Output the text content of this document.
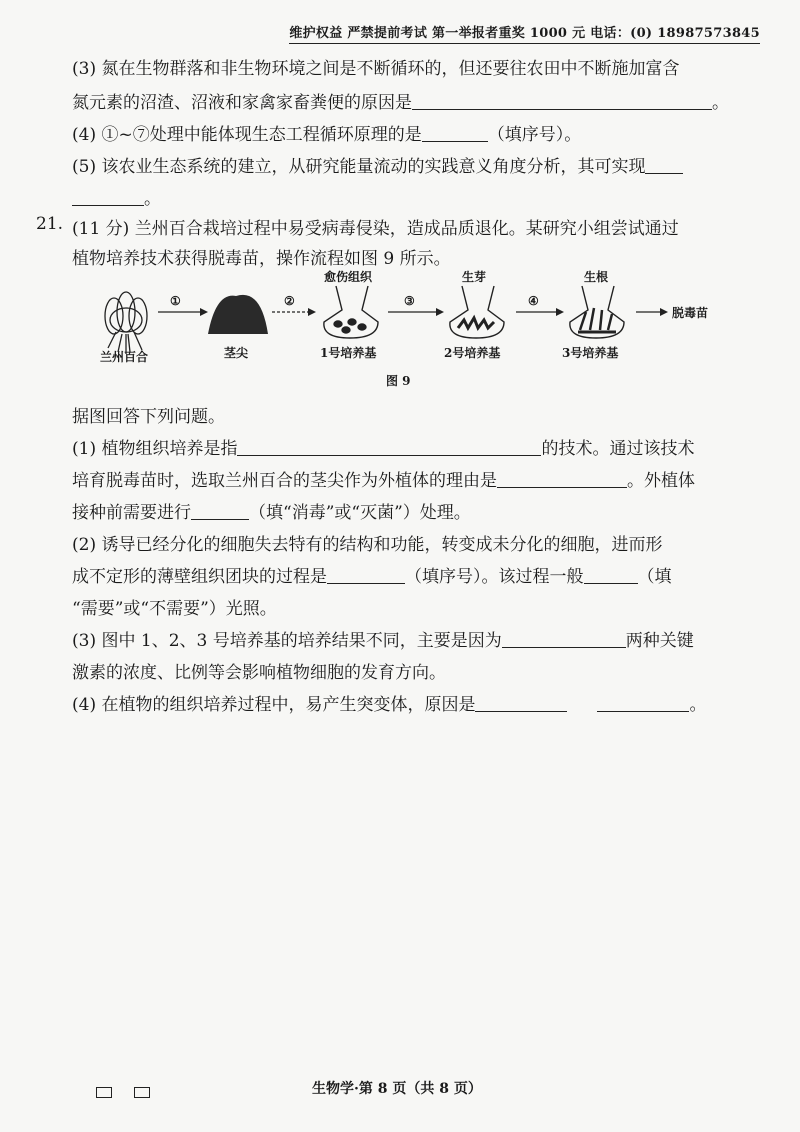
维护权益 严禁提前考试 第一举报者重奖 1000 元 电话：(0) 18987573845
(3) 氮在生物群落和非生物环境之间是不断循环的，但还要往农田中不断施加富含
氮元素的沼渣、沼液和家禽家畜粪便的原因是	。
(4) ①~⑦处理中能体现生态工程循环原理的是	（填序号）。
(5) 该农业生态系统的建立，从研究能量流动的实践意义角度分析，其可实现
。
21. (11 分) 兰州百合栽培过程中易受病毒侵染，造成品质退化。某研究小组尝试通过
植物培养技术获得脱毒苗，操作流程如图 9 所示。
①	②	③	④
兰州百合	茎尖
愈伤组织	生芽	生根
1号培养基	2号培养基	3号培养基
脱毒苗
图 9
据图回答下列问题。
(1) 植物组织培养是指	的技术。通过该技术
培育脱毒苗时，选取兰州百合的茎尖作为外植体的理由是	。外植体
接种前需要进行	（填“消毒”或“灭菌”）处理。
(2) 诱导已经分化的细胞失去特有的结构和功能，转变成未分化的细胞，进而形
成不定形的薄壁组织团块的过程是	（填序号）。该过程一般	（填
“需要”或“不需要”）光照。
(3) 图中 1、2、3 号培养基的培养结果不同，主要是因为	两种关键
激素的浓度、比例等会影响植物细胞的发育方向。
(4) 在植物的组织培养过程中，易产生突变体，原因是	。
生物学·第 8 页（共 8 页）
